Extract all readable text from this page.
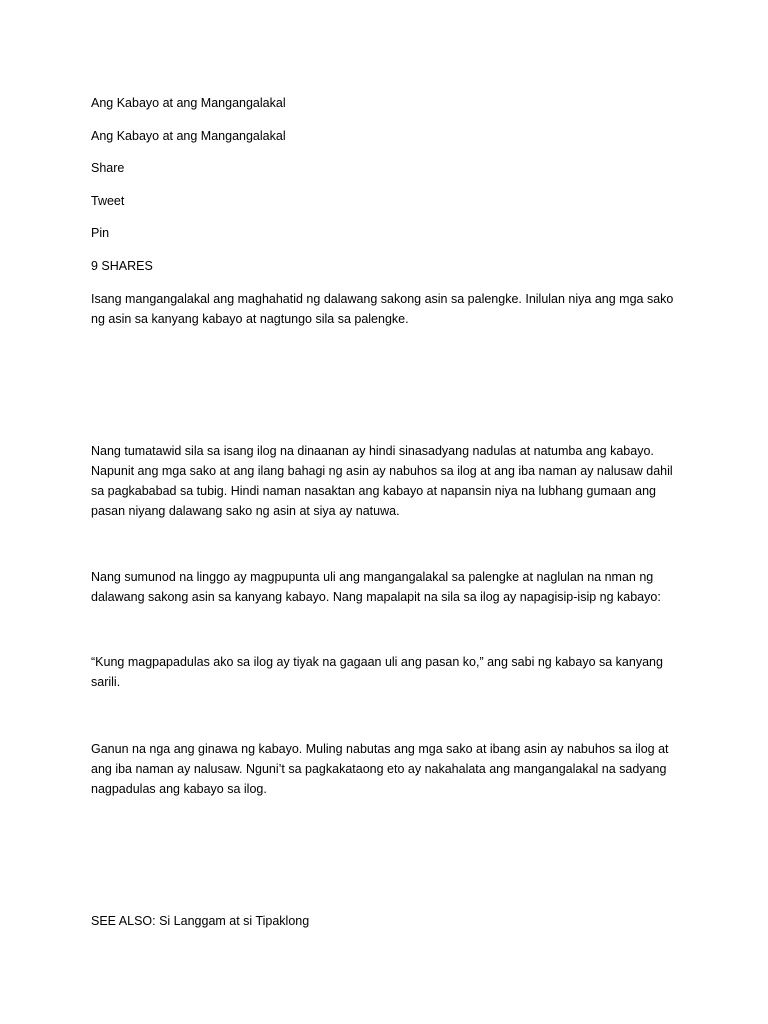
Ang Kabayo at ang Mangangalakal

Ang Kabayo at ang Mangangalakal

Share

Tweet

Pin

9 SHARES

Isang mangangalakal ang maghahatid ng dalawang sakong asin sa palengke. Inilulan niya ang mga sako
ng asin sa kanyang kabayo at nagtungo sila sa palengke.
Nang tumatawid sila sa isang ilog na dinaanan ay hindi sinasadyang nadulas at natumba ang kabayo.
Napunit ang mga sako at ang ilang bahagi ng asin ay nabuhos sa ilog at ang iba naman ay nalusaw dahil
sa pagkababad sa tubig. Hindi naman nasaktan ang kabayo at napansin niya na lubhang gumaan ang
pasan niyang dalawang sako ng asin at siya ay natuwa.
Nang sumunod na linggo ay magpupunta uli ang mangangalakal sa palengke at naglulan na nman ng
dalawang sakong asin sa kanyang kabayo. Nang mapalapit na sila sa ilog ay napagisip-isip ng kabayo:
“Kung magpapadulas ako sa ilog ay tiyak na gagaan uli ang pasan ko,” ang sabi ng kabayo sa kanyang
sarili.
Ganun na nga ang ginawa ng kabayo. Muling nabutas ang mga sako at ibang asin ay nabuhos sa ilog at
ang iba naman ay nalusaw. Nguni’t sa pagkakataong eto ay nakahalata ang mangangalakal na sadyang
nagpadulas ang kabayo sa ilog.

SEE ALSO: Si Langgam at si Tipaklong
